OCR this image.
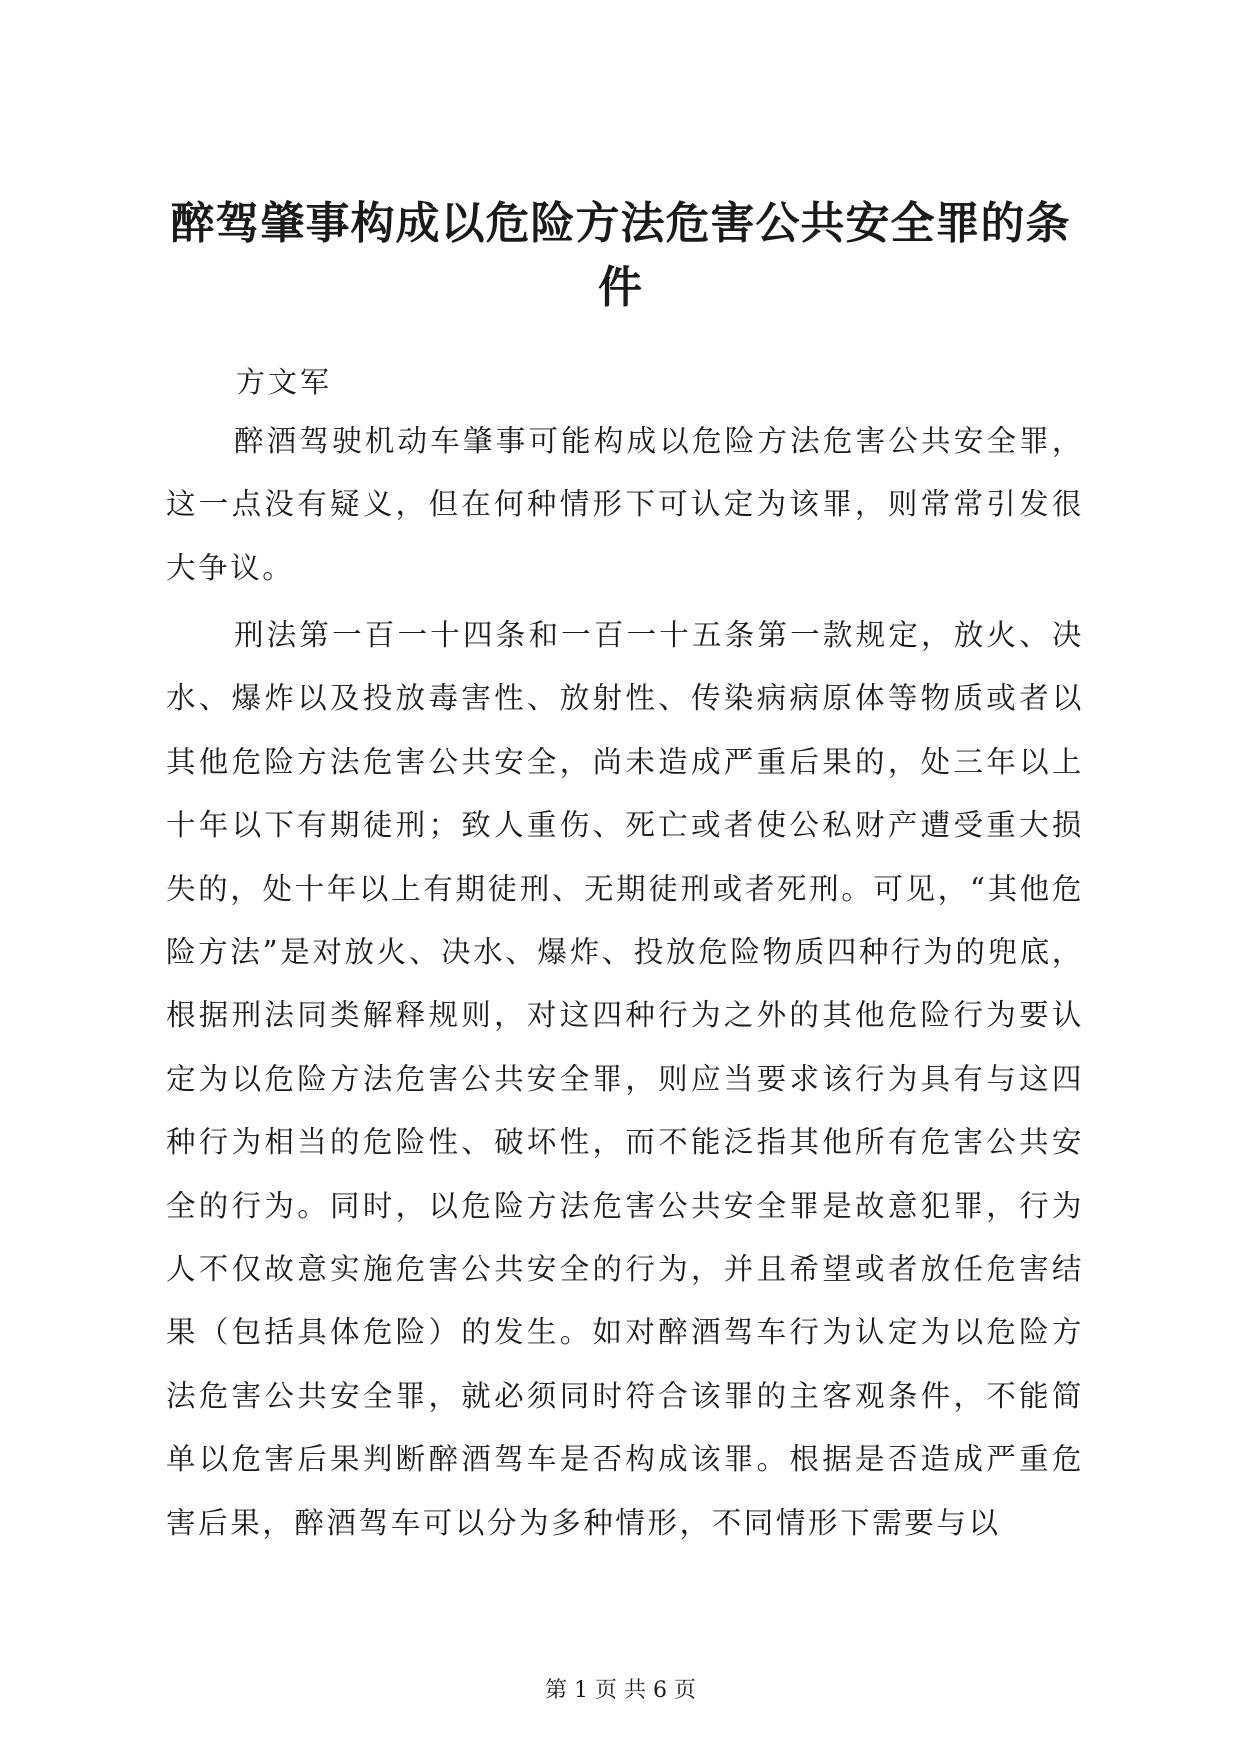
醉驾肇事构成以危险方法危害公共安全罪的条件

方文军

醉酒驾驶机动车肇事可能构成以危险方法危害公共安全罪，这一点没有疑义，但在何种情形下可认定为该罪，则常常引发很大争议。

刑法第一百一十四条和一百一十五条第一款规定，放火、决水、爆炸以及投放毒害性、放射性、传染病病原体等物质或者以其他危险方法危害公共安全，尚未造成严重后果的，处三年以上十年以下有期徒刑；致人重伤、死亡或者使公私财产遭受重大损失的，处十年以上有期徒刑、无期徒刑或者死刑。可见，“其他危险方法”是对放火、决水、爆炸、投放危险物质四种行为的兜底，根据刑法同类解释规则，对这四种行为之外的其他危险行为要认定为以危险方法危害公共安全罪，则应当要求该行为具有与这四种行为相当的危险性、破坏性，而不能泛指其他所有危害公共安全的行为。同时，以危险方法危害公共安全罪是故意犯罪，行为人不仅故意实施危害公共安全的行为，并且希望或者放任危害结果（包括具体危险）的发生。如对醉酒驾车行为认定为以危险方法危害公共安全罪，就必须同时符合该罪的主客观条件，不能简单以危害后果判断醉酒驾车是否构成该罪。根据是否造成严重危害后果，醉酒驾车可以分为多种情形，不同情形下需要与以

第 1 页 共 6 页
